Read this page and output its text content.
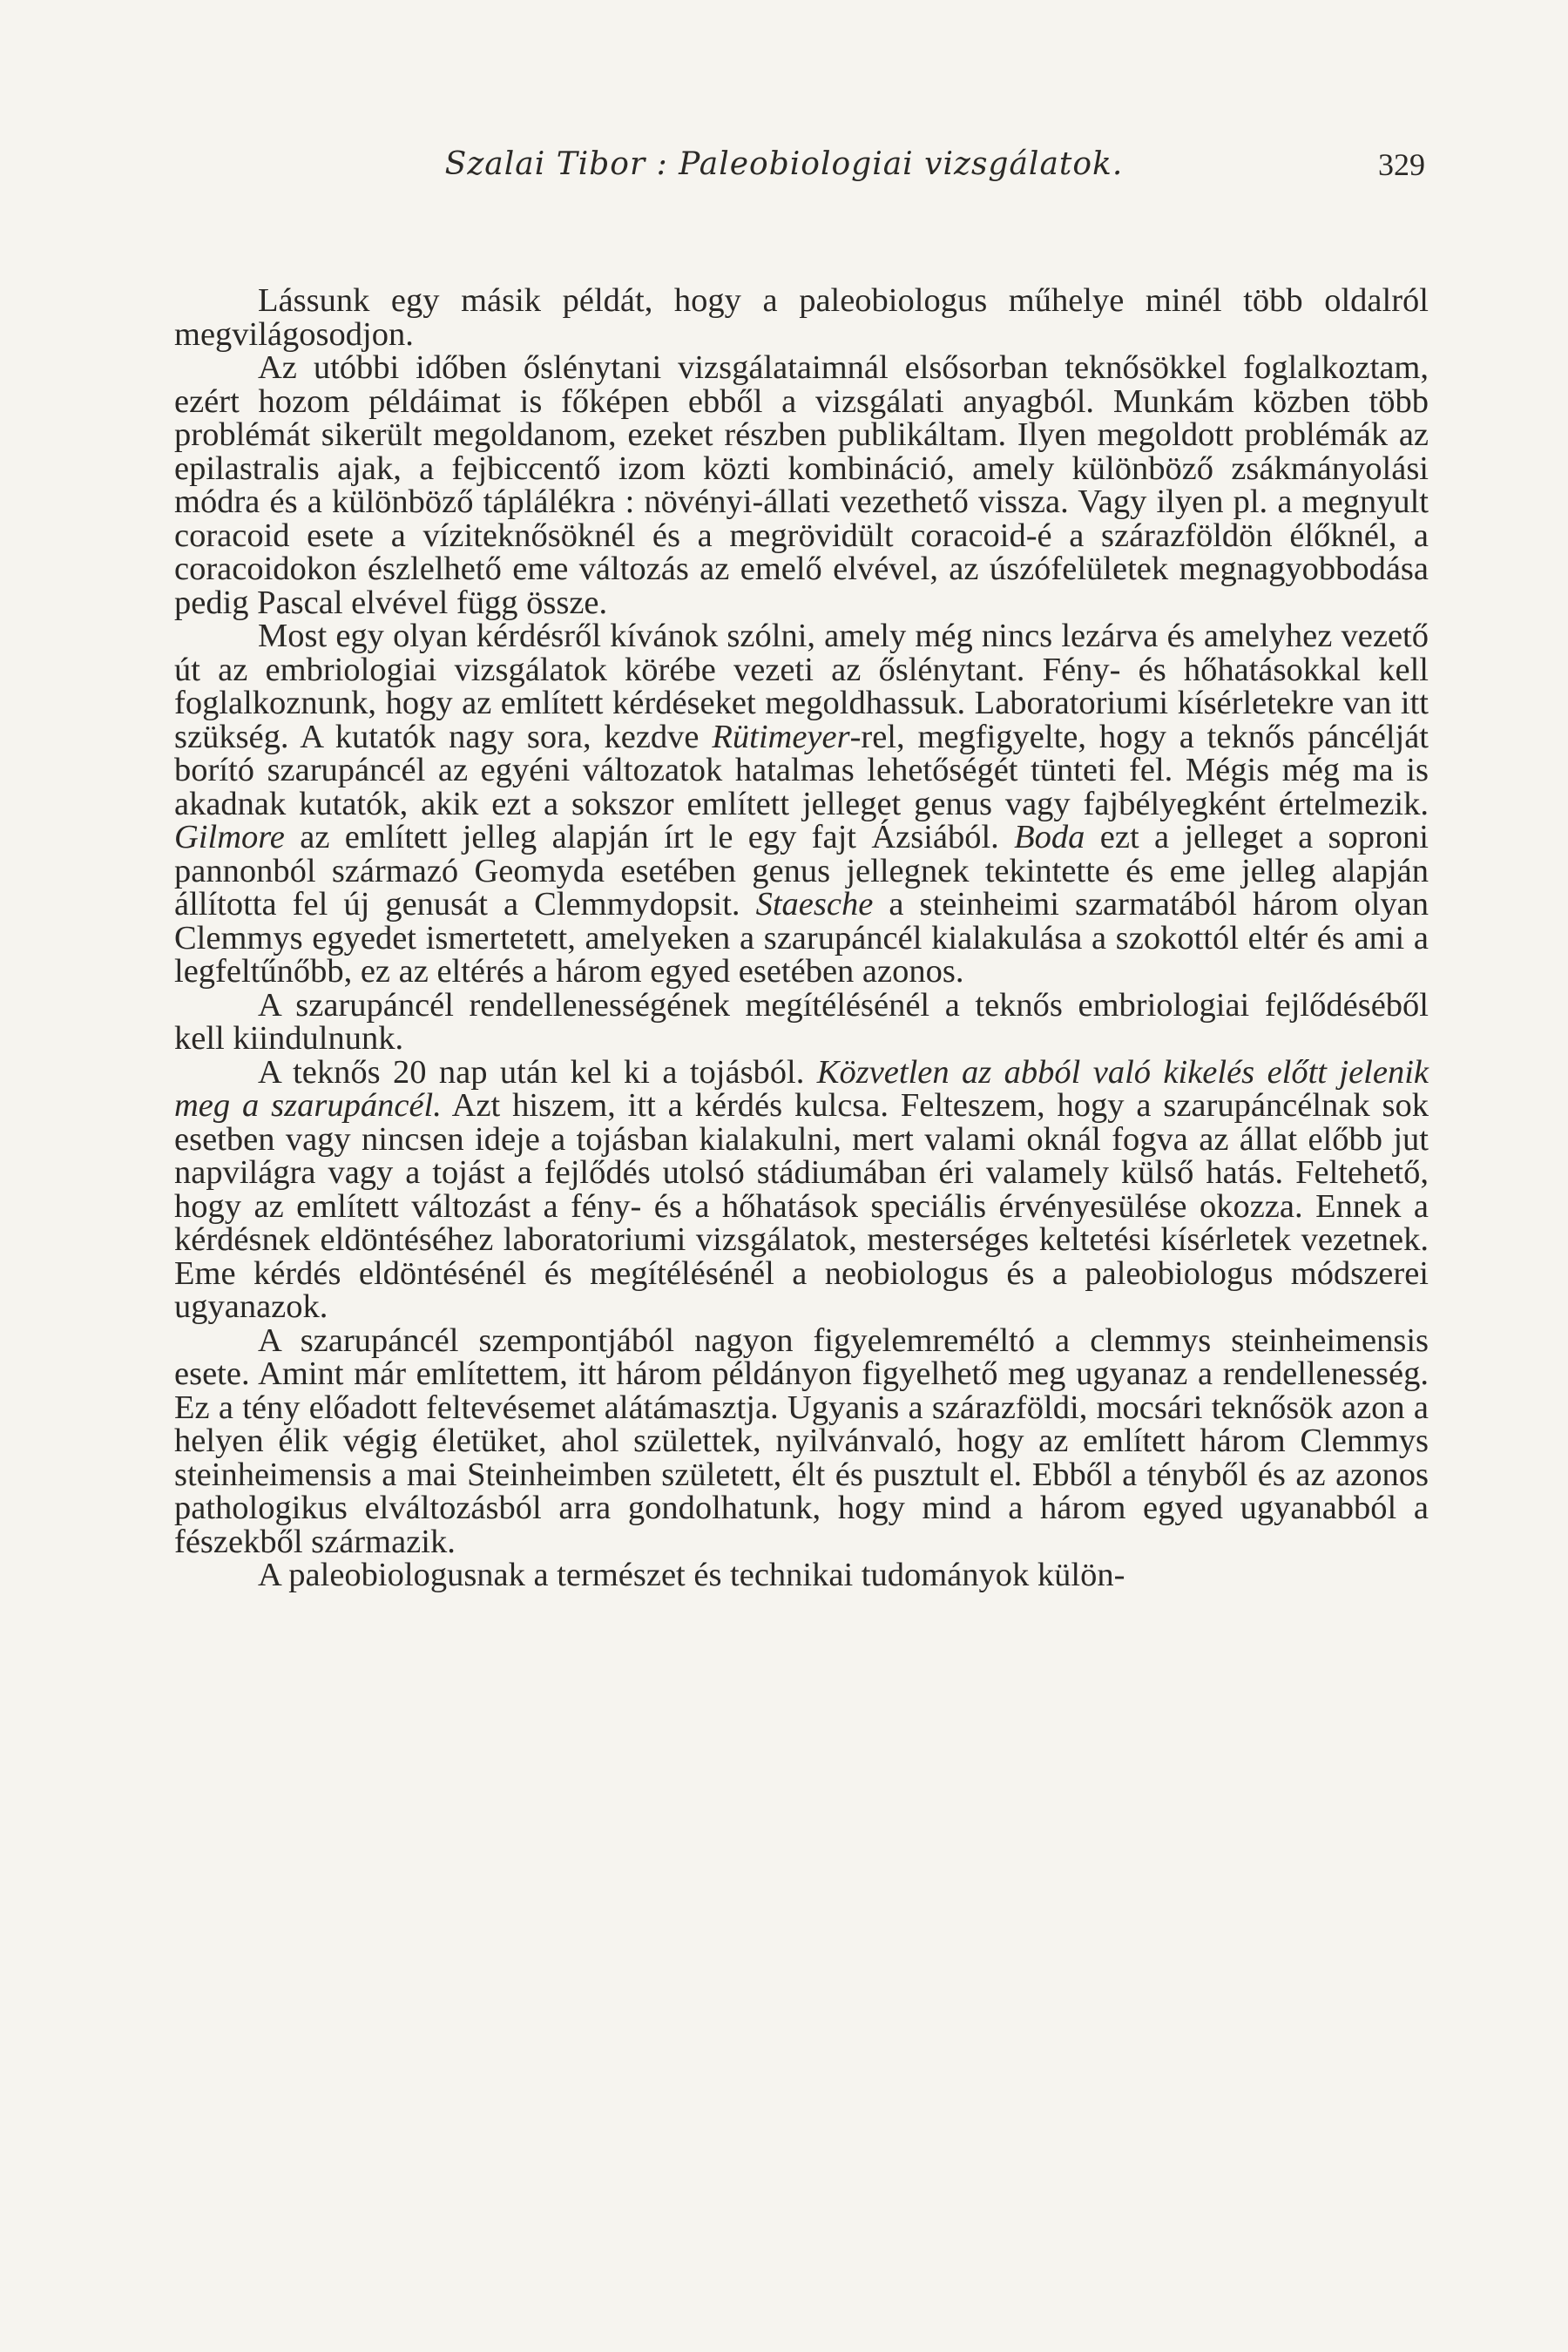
Szalai Tibor : Paleobiologiai vizsgálatok.	329

Lássunk egy másik példát, hogy a paleobiologus műhelye minél több oldalról megvilágosodjon.

Az utóbbi időben őslénytani vizsgálataimnál elsősorban teknősökkel foglalkoztam, ezért hozom példáimat is főképen ebből a vizsgálati anyagból. Munkám közben több problémát sikerült megoldanom, ezeket részben publikáltam. Ilyen megoldott problémák az epilastralis ajak, a fejbiccentő izom közti kombináció, amely különböző zsákmányolási módra és a különböző táplálékra : növényi-állati vezethető vissza. Vagy ilyen pl. a megnyult coracoid esete a víziteknősöknél és a megrövidült coracoid-é a szárazföldön élőknél, a coracoidokon észlelhető eme változás az emelő elvével, az úszófelületek megnagyobbodása pedig Pascal elvével függ össze.

Most egy olyan kérdésről kívánok szólni, amely még nincs lezárva és amelyhez vezető út az embriologiai vizsgálatok körébe vezeti az őslénytant. Fény- és hőhatásokkal kell foglalkoznunk, hogy az említett kérdéseket megoldhassuk. Laboratoriumi kísérletekre van itt szükség. A kutatók nagy sora, kezdve Rütimeyer-rel, megfigyelte, hogy a teknős páncélját borító szarupáncél az egyéni változatok hatalmas lehetőségét tünteti fel. Mégis még ma is akadnak kutatók, akik ezt a sokszor említett jelleget genus vagy fajbélyegként értelmezik. Gilmore az említett jelleg alapján írt le egy fajt Ázsiából. Boda ezt a jelleget a soproni pannonból származó Geomyda esetében genus jellegnek tekintette és eme jelleg alapján állította fel új genusát a Clemmydopsit. Staesche a steinheimi szarmatából három olyan Clemmys egyedet ismertetett, amelyeken a szarupáncél kialakulása a szokottól eltér és ami a legfeltűnőbb, ez az eltérés a három egyed esetében azonos.

A szarupáncél rendellenességének megítélésénél a teknős embriologiai fejlődéséből kell kiindulnunk.

A teknős 20 nap után kel ki a tojásból. Közvetlen az abból való kikelés előtt jelenik meg a szarupáncél. Azt hiszem, itt a kérdés kulcsa. Felteszem, hogy a szarupáncélnak sok esetben vagy nincsen ideje a tojásban kialakulni, mert valami oknál fogva az állat előbb jut napvilágra vagy a tojást a fejlődés utolsó stádiumában éri valamely külső hatás. Feltehető, hogy az említett változást a fény- és a hőhatások speciális érvényesülése okozza. Ennek a kérdésnek eldöntéséhez laboratoriumi vizsgálatok, mesterséges keltetési kísérletek vezetnek. Eme kérdés eldöntésénél és megítélésénél a neobiologus és a paleobiologus módszerei ugyanazok.

A szarupáncél szempontjából nagyon figyelemreméltó a clemmys steinheimensis esete. Amint már említettem, itt három példányon figyelhető meg ugyanaz a rendellenesség. Ez a tény előadott feltevésemet alátámasztja. Ugyanis a szárazföldi, mocsári teknősök azon a helyen élik végig életüket, ahol születtek, nyilvánvaló, hogy az említett három Clemmys steinheimensis a mai Steinheimben született, élt és pusztult el. Ebből a tényből és az azonos pathologikus elváltozásból arra gondolhatunk, hogy mind a három egyed ugyanabból a fészekből származik.

A paleobiologusnak a természet és technikai tudományok külön-
